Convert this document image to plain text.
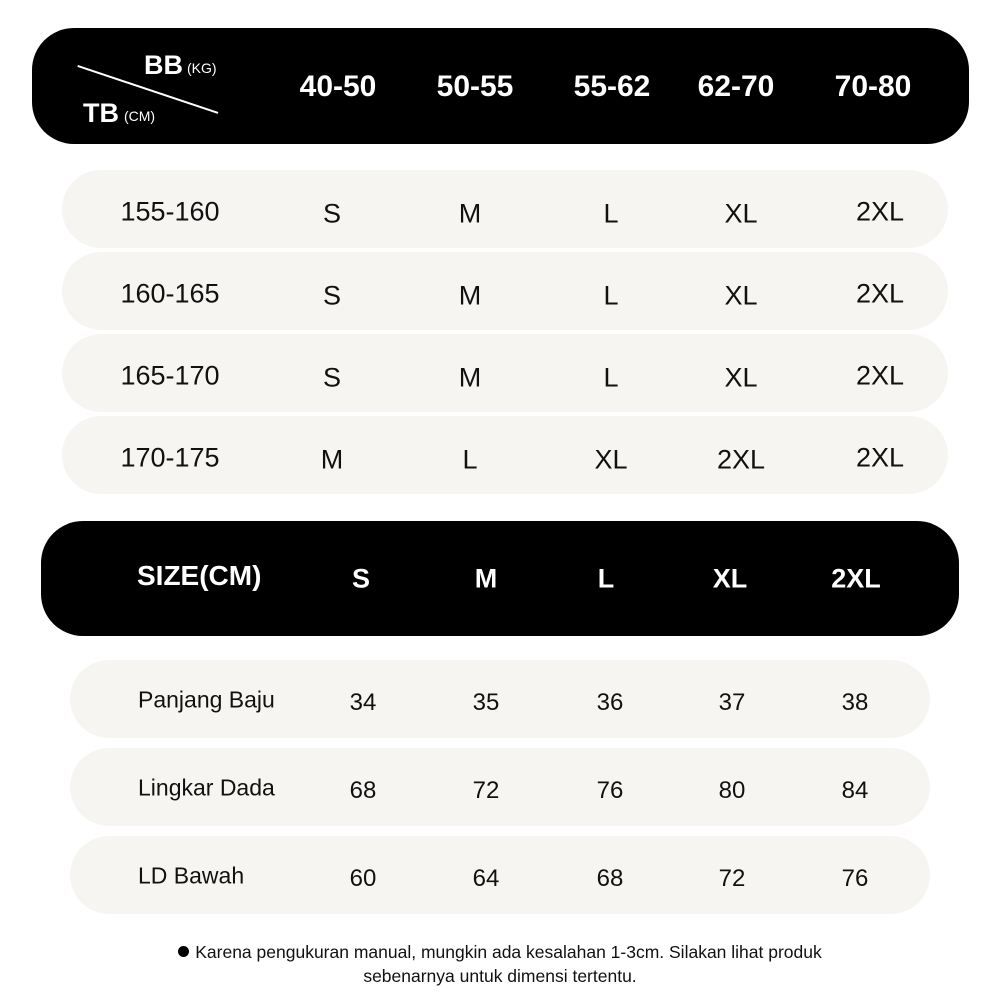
BB (KG)
TB (CM)
40-50 50-55 55-62 62-70 70-80
155-160	S	M	L	XL	2XL
160-165	S	M	L	XL	2XL
165-170	S	M	L	XL	2XL
170-175	M	L	XL	2XL	2XL
SIZE(CM)	S	M	L	XL	2XL
Panjang Baju	34	35	36	37	38
Lingkar Dada	68	72	76	80	84
LD Bawah	60	64	68	72	76
Karena pengukuran manual, mungkin ada kesalahan 1-3cm. Silakan lihat produk
sebenarnya untuk dimensi tertentu.
